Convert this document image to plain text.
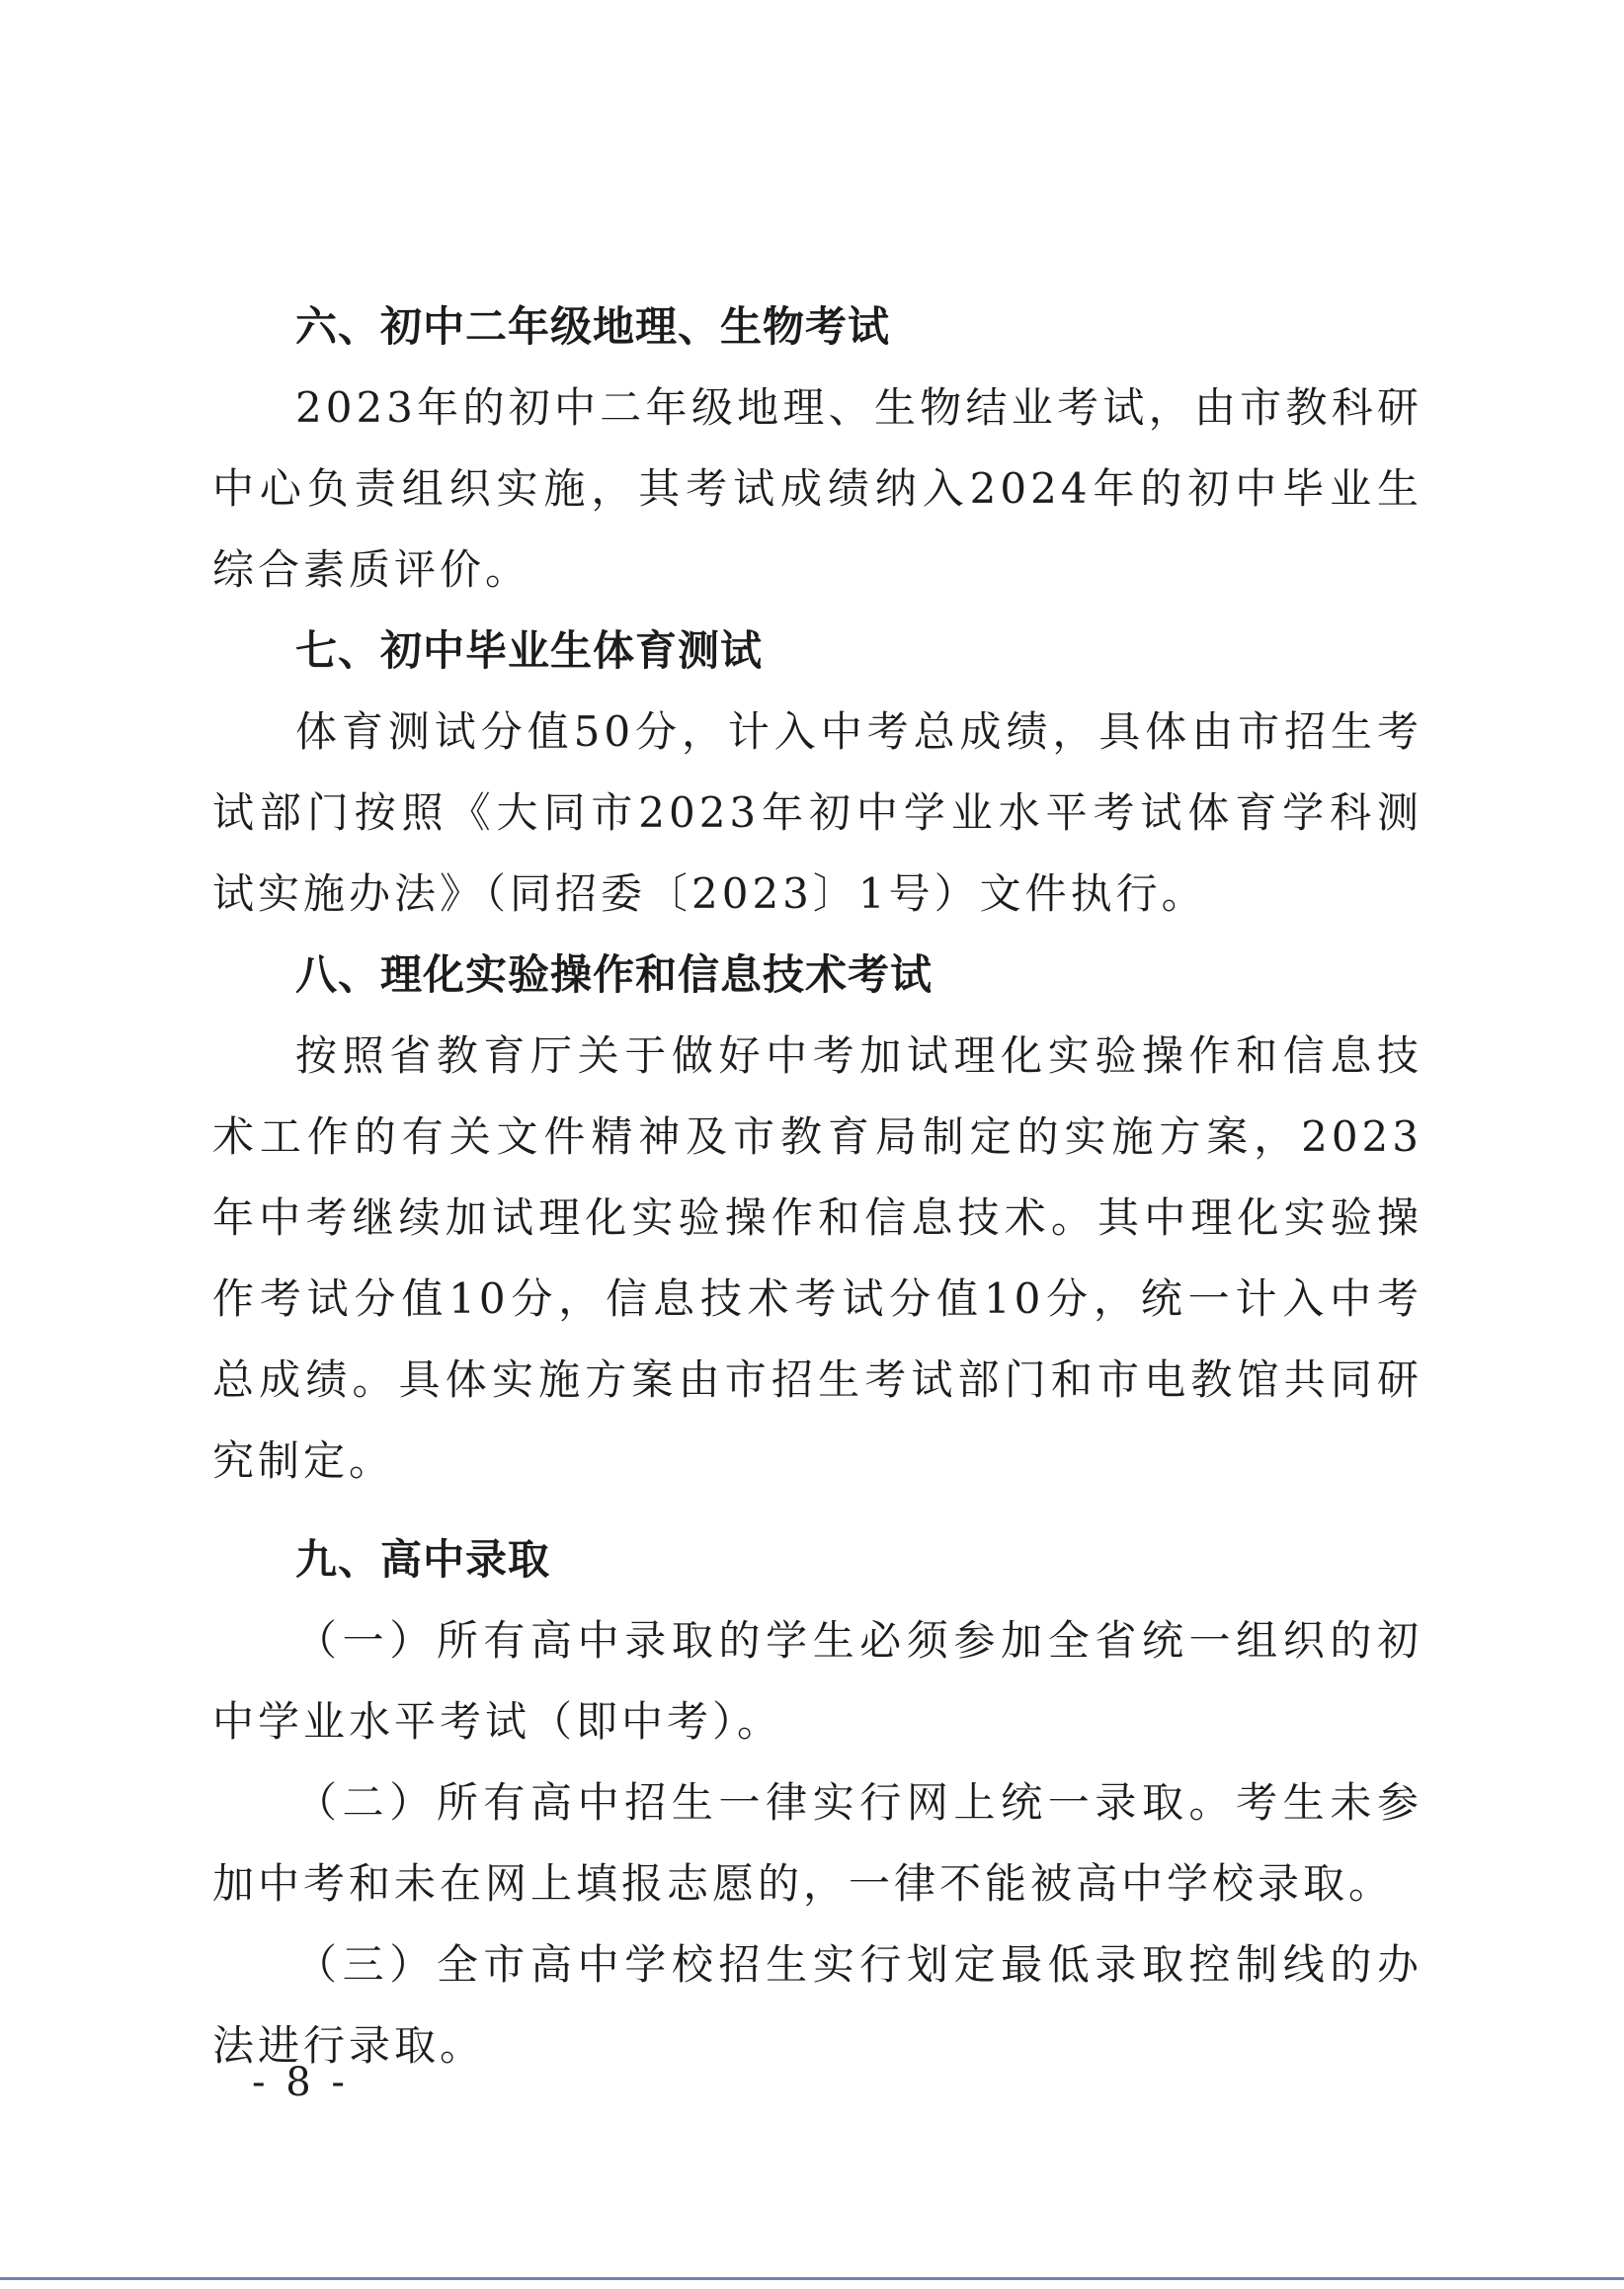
六、初中二年级地理、生物考试

2023年的初中二年级地理、生物结业考试，由市教科研中心负责组织实施，其考试成绩纳入2024年的初中毕业生综合素质评价。

七、初中毕业生体育测试

体育测试分值50分，计入中考总成绩，具体由市招生考试部门按照《大同市2023年初中学业水平考试体育学科测试实施办法》（同招委〔2023〕1号）文件执行。

八、理化实验操作和信息技术考试

按照省教育厅关于做好中考加试理化实验操作和信息技术工作的有关文件精神及市教育局制定的实施方案，2023年中考继续加试理化实验操作和信息技术。其中理化实验操作考试分值10分，信息技术考试分值10分，统一计入中考总成绩。具体实施方案由市招生考试部门和市电教馆共同研究制定。

九、高中录取

（一）所有高中录取的学生必须参加全省统一组织的初中学业水平考试（即中考）。

（二）所有高中招生一律实行网上统一录取。考生未参加中考和未在网上填报志愿的，一律不能被高中学校录取。

（三）全市高中学校招生实行划定最低录取控制线的办法进行录取。

- 8 -
